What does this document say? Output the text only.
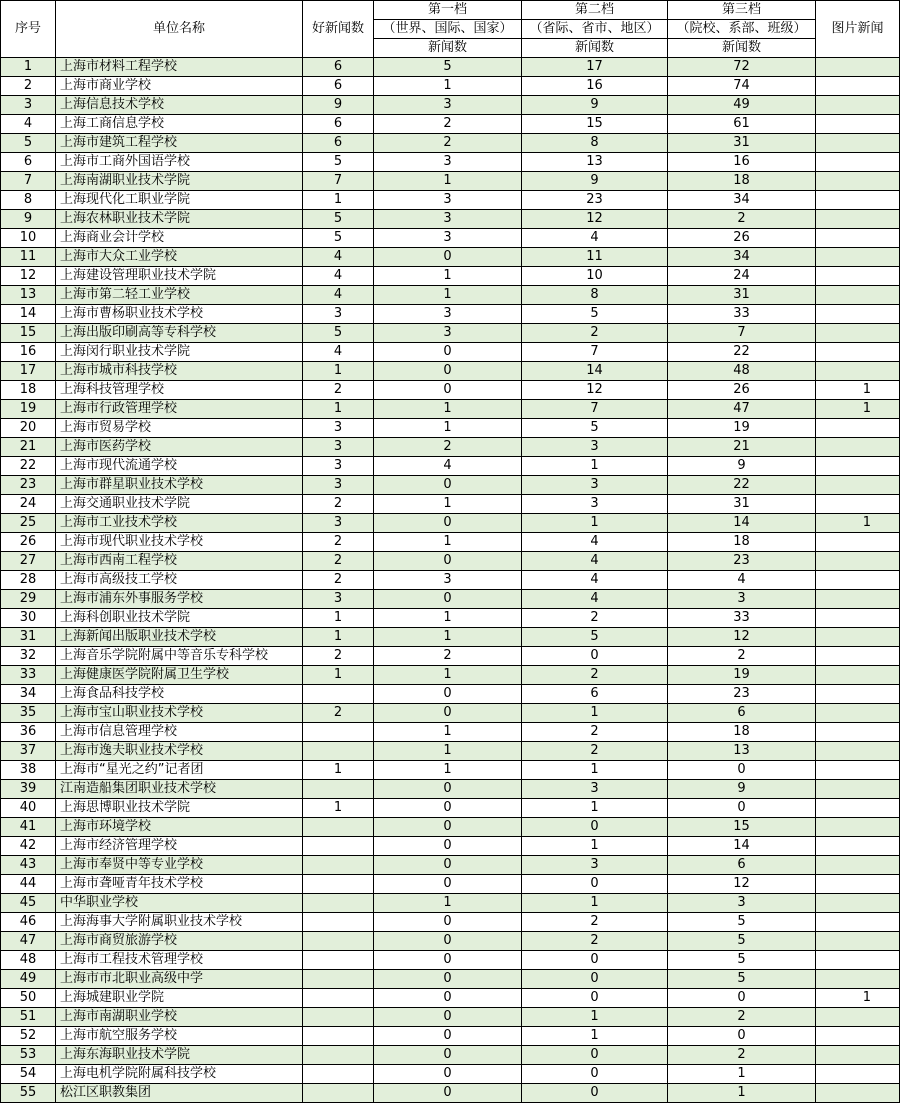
序号	单位名称	好新闻数	第一档	第二档	第三档	图片新闻
			（世界、国际、国家）	（省际、省市、地区）	（院校、系部、班级）	
			新闻数	新闻数	新闻数	
1	上海市材料工程学校	6	5	17	72	
2	上海市商业学校	6	1	16	74	
3	上海信息技术学校	9	3	9	49	
4	上海工商信息学校	6	2	15	61	
5	上海市建筑工程学校	6	2	8	31	
6	上海市工商外国语学校	5	3	13	16	
7	上海南湖职业技术学院	7	1	9	18	
8	上海现代化工职业学院	1	3	23	34	
9	上海农林职业技术学院	5	3	12	2	
10	上海商业会计学校	5	3	4	26	
11	上海市大众工业学校	4	0	11	34	
12	上海建设管理职业技术学院	4	1	10	24	
13	上海市第二轻工业学校	4	1	8	31	
14	上海市曹杨职业技术学校	3	3	5	33	
15	上海出版印刷高等专科学校	5	3	2	7	
16	上海闵行职业技术学院	4	0	7	22	
17	上海市城市科技学校	1	0	14	48	
18	上海科技管理学校	2	0	12	26	1
19	上海市行政管理学校	1	1	7	47	1
20	上海市贸易学校	3	1	5	19	
21	上海市医药学校	3	2	3	21	
22	上海市现代流通学校	3	4	1	9	
23	上海市群星职业技术学校	3	0	3	22	
24	上海交通职业技术学院	2	1	3	31	
25	上海市工业技术学校	3	0	1	14	1
26	上海市现代职业技术学校	2	1	4	18	
27	上海市西南工程学校	2	0	4	23	
28	上海市高级技工学校	2	3	4	4	
29	上海市浦东外事服务学校	3	0	4	3	
30	上海科创职业技术学院	1	1	2	33	
31	上海新闻出版职业技术学校	1	1	5	12	
32	上海音乐学院附属中等音乐专科学校	2	2	0	2	
33	上海健康医学院附属卫生学校	1	1	2	19	
34	上海食品科技学校		0	6	23	
35	上海市宝山职业技术学校	2	0	1	6	
36	上海市信息管理学校		1	2	18	
37	上海市逸夫职业技术学校		1	2	13	
38	上海市“星光之约”记者团	1	1	1	0	
39	江南造船集团职业技术学校		0	3	9	
40	上海思博职业技术学院	1	0	1	0	
41	上海市环境学校		0	0	15	
42	上海市经济管理学校		0	1	14	
43	上海市奉贤中等专业学校		0	3	6	
44	上海市聋哑青年技术学校		0	0	12	
45	中华职业学校		1	1	3	
46	上海海事大学附属职业技术学校		0	2	5	
47	上海市商贸旅游学校		0	2	5	
48	上海市工程技术管理学校		0	0	5	
49	上海市市北职业高级中学		0	0	5	
50	上海城建职业学院		0	0	0	1
51	上海市南湖职业学校		0	1	2	
52	上海市航空服务学校		0	1	0	
53	上海东海职业技术学院		0	0	2	
54	上海电机学院附属科技学校		0	0	1	
55	松江区职教集团		0	0	1	
